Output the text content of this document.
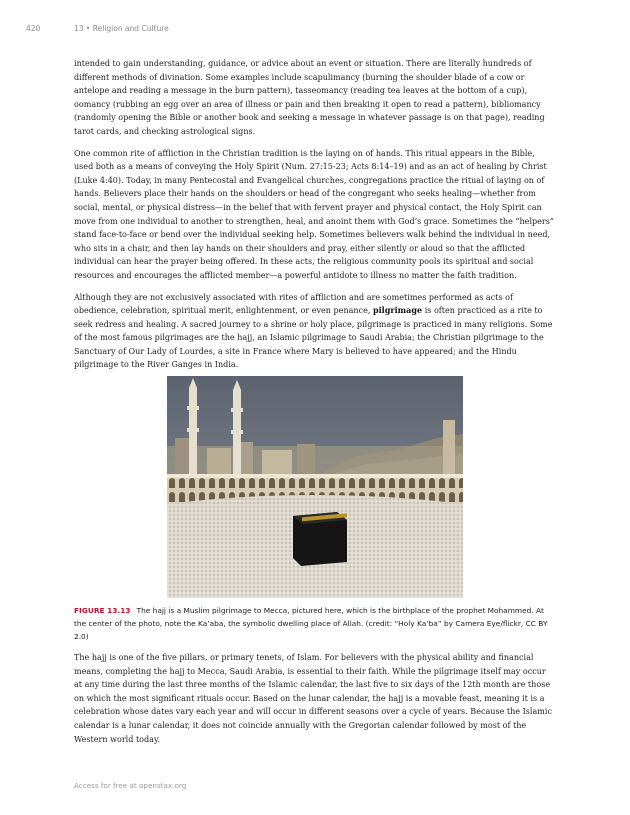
420	13 • Religion and Culture

intended to gain understanding, guidance, or advice about an event or situation. There are literally hundreds of different methods of divination. Some examples include scapulimancy (burning the shoulder blade of a cow or antelope and reading a message in the burn pattern), tasseomancy (reading tea leaves at the bottom of a cup), oomancy (rubbing an egg over an area of illness or pain and then breaking it open to read a pattern), bibliomancy (randomly opening the Bible or another book and seeking a message in whatever passage is on that page), reading tarot cards, and checking astrological signs.

One common rite of affliction in the Christian tradition is the laying on of hands. This ritual appears in the Bible, used both as a means of conveying the Holy Spirit (Num. 27:15-23; Acts 8:14–19) and as an act of healing by Christ (Luke 4:40). Today, in many Pentecostal and Evangelical churches, congregations practice the ritual of laying on of hands. Believers place their hands on the shoulders or head of the congregant who seeks healing—whether from social, mental, or physical distress—in the belief that with fervent prayer and physical contact, the Holy Spirit can move from one individual to another to strengthen, heal, and anoint them with God’s grace. Sometimes the “helpers” stand face-to-face or bend over the individual seeking help. Sometimes believers walk behind the individual in need, who sits in a chair, and then lay hands on their shoulders and pray, either silently or aloud so that the afflicted individual can hear the prayer being offered. In these acts, the religious community pools its spiritual and social resources and encourages the afflicted member—a powerful antidote to illness no matter the faith tradition.

Although they are not exclusively associated with rites of affliction and are sometimes performed as acts of obedience, celebration, spiritual merit, enlightenment, or even penance, pilgrimage is often practiced as a rite to seek redress and healing. A sacred journey to a shrine or holy place, pilgrimage is practiced in many religions. Some of the most famous pilgrimages are the hajj, an Islamic pilgrimage to Saudi Arabia; the Christian pilgrimage to the Sanctuary of Our Lady of Lourdes, a site in France where Mary is believed to have appeared; and the Hindu pilgrimage to the River Ganges in India.

FIGURE 13.13 The hajj is a Muslim pilgrimage to Mecca, pictured here, which is the birthplace of the prophet Mohammed. At the center of the photo, note the Ka’aba, the symbolic dwelling place of Allah. (credit: “Holy Ka’ba” by Camera Eye/flickr, CC BY 2.0)

The hajj is one of the five pillars, or primary tenets, of Islam. For believers with the physical ability and financial means, completing the hajj to Mecca, Saudi Arabia, is essential to their faith. While the pilgrimage itself may occur at any time during the last three months of the Islamic calendar, the last five to six days of the 12th month are those on which the most significant rituals occur. Based on the lunar calendar, the hajj is a movable feast, meaning it is a celebration whose dates vary each year and will occur in different seasons over a cycle of years. Because the Islamic calendar is a lunar calendar, it does not coincide annually with the Gregorian calendar followed by most of the Western world today.

Access for free at openstax.org
